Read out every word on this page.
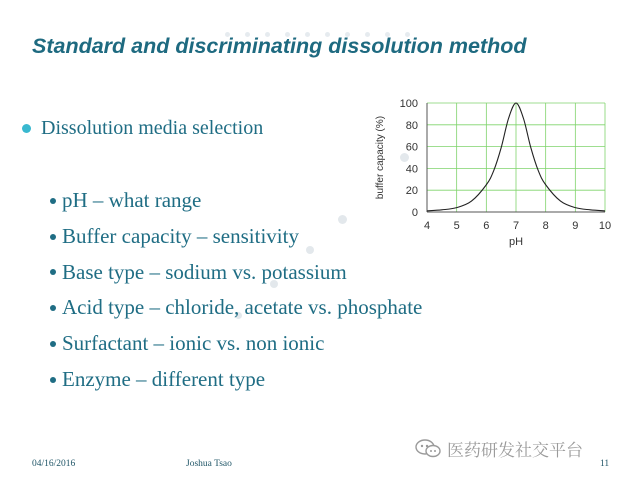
Standard and discriminating dissolution method
Dissolution media selection
pH – what range
Buffer capacity – sensitivity
Base type – sodium vs. potassium
Acid type – chloride, acetate vs. phosphate
Surfactant – ionic vs. non ionic
Enzyme – different type
4 5 6 7 8 9 10
0
20
40
60
80
100
pH
buffer capacity (%)
04/16/2016	Joshua Tsao	11
医药研发社交平台
